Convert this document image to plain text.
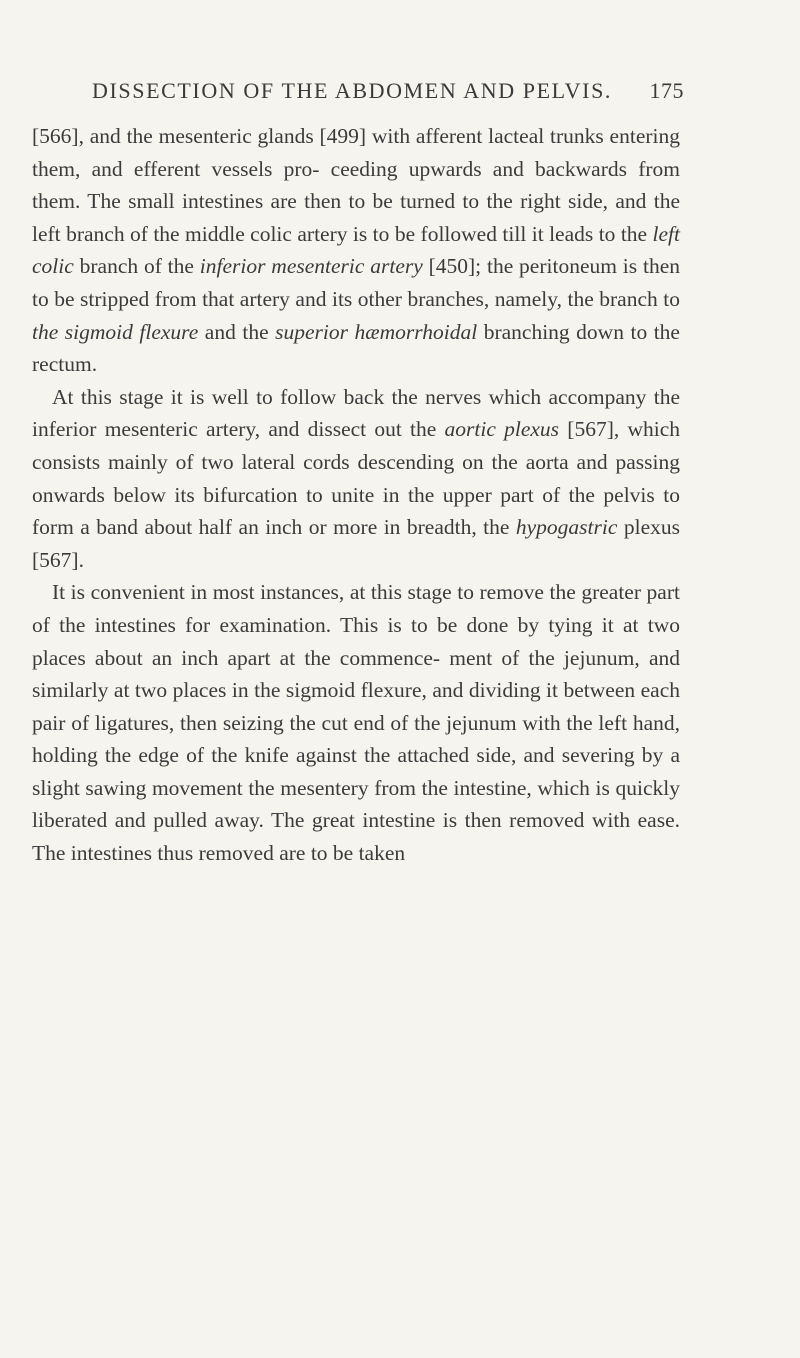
DISSECTION OF THE ABDOMEN AND PELVIS. 175

[566], and the mesenteric glands [499] with afferent lacteal trunks entering them, and efferent vessels pro- ceeding upwards and backwards from them. The small intestines are then to be turned to the right side, and the left branch of the middle colic artery is to be followed till it leads to the left colic branch of the inferior mesenteric artery [450]; the peritoneum is then to be stripped from that artery and its other branches, namely, the branch to the sigmoid flexure and the superior hæmorrhoidal branching down to the rectum.

At this stage it is well to follow back the nerves which accompany the inferior mesenteric artery, and dissect out the aortic plexus [567], which consists mainly of two lateral cords descending on the aorta and passing onwards below its bifurcation to unite in the upper part of the pelvis to form a band about half an inch or more in breadth, the hypogastric plexus [567].

It is convenient in most instances, at this stage to remove the greater part of the intestines for examination. This is to be done by tying it at two places about an inch apart at the commence- ment of the jejunum, and similarly at two places in the sigmoid flexure, and dividing it between each pair of ligatures, then seizing the cut end of the jejunum with the left hand, holding the edge of the knife against the attached side, and severing by a slight sawing movement the mesentery from the intestine, which is quickly liberated and pulled away. The great intestine is then removed with ease. The intestines thus removed are to be taken
